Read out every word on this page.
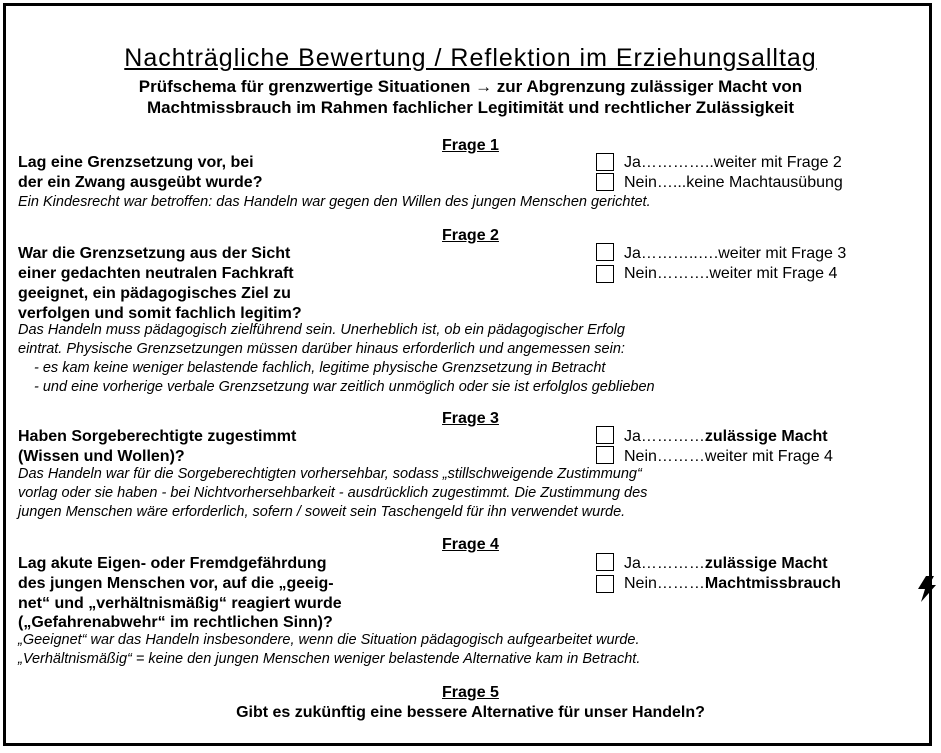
Nachträgliche Bewertung / Reflektion im Erziehungsalltag
Prüfschema für grenzwertige Situationen → zur Abgrenzung zulässiger Macht von
Machtmissbrauch im Rahmen fachlicher Legitimität und rechtlicher Zulässigkeit
Frage 1
Lag eine Grenzsetzung vor, bei
der ein Zwang ausgeübt wurde?
Ja…………..weiter mit Frage 2
Nein…...keine Machtausübung
Ein Kindesrecht war betroffen: das Handeln war gegen den Willen des jungen Menschen gerichtet.
Frage 2
War die Grenzsetzung aus der Sicht
einer gedachten neutralen Fachkraft
geeignet, ein pädagogisches Ziel zu
verfolgen und somit fachlich legitim?
Ja………..….weiter mit Frage 3
Nein……….weiter mit Frage 4
Das Handeln muss pädagogisch zielführend sein. Unerheblich ist, ob ein pädagogischer Erfolg
eintrat. Physische Grenzsetzungen müssen darüber hinaus erforderlich und angemessen sein:
- es kam keine weniger belastende fachlich, legitime physische Grenzsetzung in Betracht
- und eine vorherige verbale Grenzsetzung war zeitlich unmöglich oder sie ist erfolglos geblieben
Frage 3
Haben Sorgeberechtigte zugestimmt
(Wissen und Wollen)?
Ja…………zulässige Macht
Nein………weiter mit Frage 4
Das Handeln war für die Sorgeberechtigten vorhersehbar, sodass „stillschweigende Zustimmung“
vorlag oder sie haben - bei Nichtvorhersehbarkeit - ausdrücklich zugestimmt. Die Zustimmung des
jungen Menschen wäre erforderlich, sofern / soweit sein Taschengeld für ihn verwendet wurde.
Frage 4
Lag akute Eigen- oder Fremdgefährdung
des jungen Menschen vor, auf die „geeig-
net“ und „verhältnismäßig“ reagiert wurde
(„Gefahrenabwehr“ im rechtlichen Sinn)?
Ja…………zulässige Macht
Nein………Machtmissbrauch
„Geeignet“ war das Handeln insbesondere, wenn die Situation pädagogisch aufgearbeitet wurde.
„Verhältnismäßig“ = keine den jungen Menschen weniger belastende Alternative kam in Betracht.
Frage 5
Gibt es zukünftig eine bessere Alternative für unser Handeln?
